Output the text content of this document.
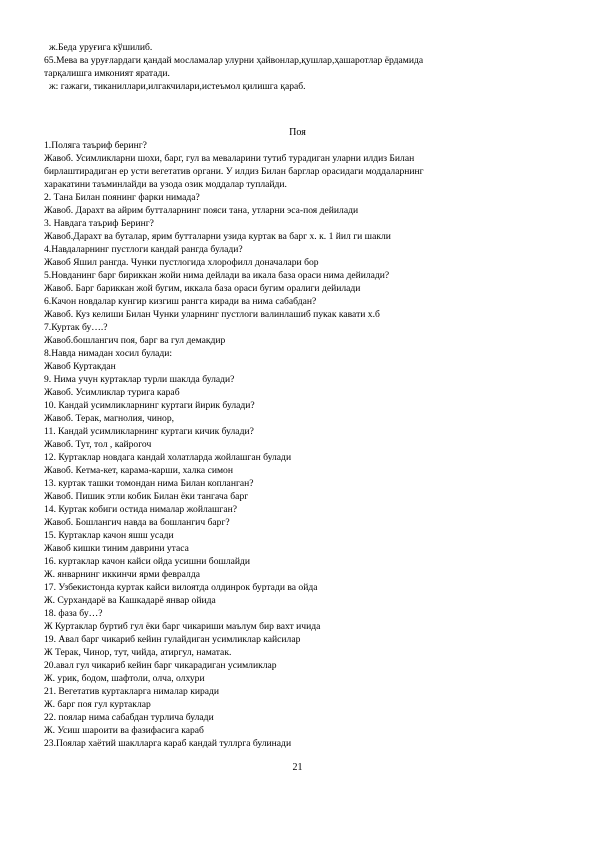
ж.Беда уруғига кўшилиб.
65.Мева ва уруғлардаги қандай мосламалар улурни ҳайвонлар,қушлар,ҳашаротлар ёрдамида
тарқалишга имконият яратади.
ж: гажаги, тиканиллари,илгакчилари,истеъмол қилишга қараб.
Поя
1.Поляга таъриф беринг?
Жавоб. Усимликларни шохи, барг, гул ва меваларини тутиб турадиган уларни илдиз Билан
бирлаштирадиган ер усти вегетатив органи. У илдиз Билан барглар орасидаги моддаларнинг
харакатини таъминлайди ва узода озик моддалар туплайди.
2. Тана Билан поянинг фарки нимада?
Жавоб. Дарахт ва айрим бутталарнинг пояси тана, утларни эса-поя дейилади
3. Навдага таъриф Беринг?
Жавоб.Дарахт ва буталар, ярим бутталарни узида куртак ва барг х. к. 1 йил ги шакли
4.Навдаларнинг пустлоги кандай рангда булади?
Жавоб Яшил рангда. Чунки пустлогида хлорофилл доначалари бор
5.Новданинг барг бириккан жойи нима дейлади ва икала база ораси нима дейилади?
Жавоб. Барг бариккан жой бугим, иккала база ораси бугим оралиги дейилади
6.Качон новдалар кунгир кизгиш рангга киради ва нима сабабдан?
Жавоб. Куз келиши Билан Чунки уларнинг пустлоги валинлашиб пукак кавати х.б
7.Куртак бу….?
Жавоб.бошлангич поя, барг ва гул демакдир
8.Навда нимадан хосил булади:
Жавоб Куртакдан
9. Нима учун куртаклар турли шаклда булади?
Жавоб. Усимликлар турига караб
10. Кандай усимликларнинг куртаги йирик булади?
Жавоб. Терак, магнолия, чинор,
11. Кандай усимликларнинг куртаги кичик булади?
Жавоб. Тут, тол , кайрогоч
12. Куртаклар новдага кандай холатларда жойлашган булади
Жавоб. Кетма-кет, карама-карши, халка симон
13. куртак ташки томондан нима Билан копланган?
Жавоб. Пишик этли кобик Билан ёки тангача барг
14. Куртак кобиги остида нималар жойлашган?
Жавоб. Бошлангич навда ва бошлангич барг?
15. Куртаклар качон яшш усади
Жавоб кишки тиним даврини утаса
16. куртаклар качон кайси ойда усишни бошлайди
Ж. январнинг иккинчи ярми февралда
17. Узбекистонда куртак кайси вилоятда олдинрок буртади ва ойда
Ж. Сурхандарё ва Кашкадарё январ ойида
18. фаза бу…?
Ж Куртаклар буртиб гул ёки барг чикариши маълум бир вахт ичида
19. Авал барг чикариб кейин гулайдиган усимликлар кайсилар
Ж Терак, Чинор, тут, чийда, атиргул, наматак.
20.авал гул чикариб кейин барг чикарадиган усимликлар
Ж. урик, бодом, шафтоли, олча, олхури
21. Вегетатив куртакларга нималар киради
Ж. барг поя гул куртаклар
22. поялар нима сабабдан турлича булади
Ж. Усиш шароити ва фазифасига караб
23.Поялар хаётий шаклларга караб кандай туллрга булинади
21
